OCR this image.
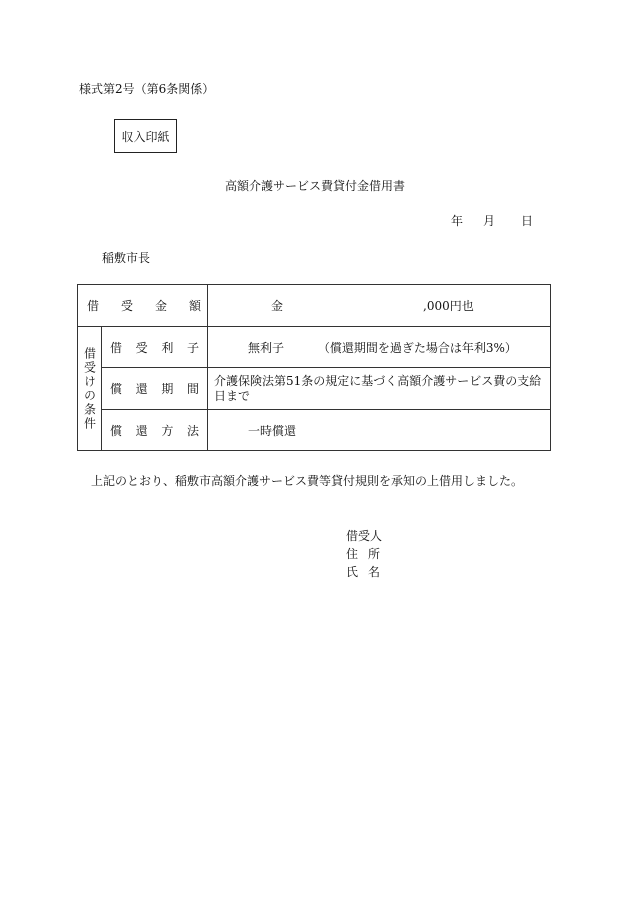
様式第2号（第6条関係）
収入印紙
高額介護サービス費貸付金借用書
年	月	日
稲敷市長
借 受 金 額		金 ,000円也

借受けの条件	借 受 利 子	無利子 （償還期間を過ぎた場合は年利3%）

	償 還 期 間	介護保険法第51条の規定に基づく高額介護サービス費の支給日まで

	償 還 方 法	一時償還
上記のとおり、稲敷市高額介護サービス費等貸付規則を承知の上借用しました。
借受人
住 所
氏 名
